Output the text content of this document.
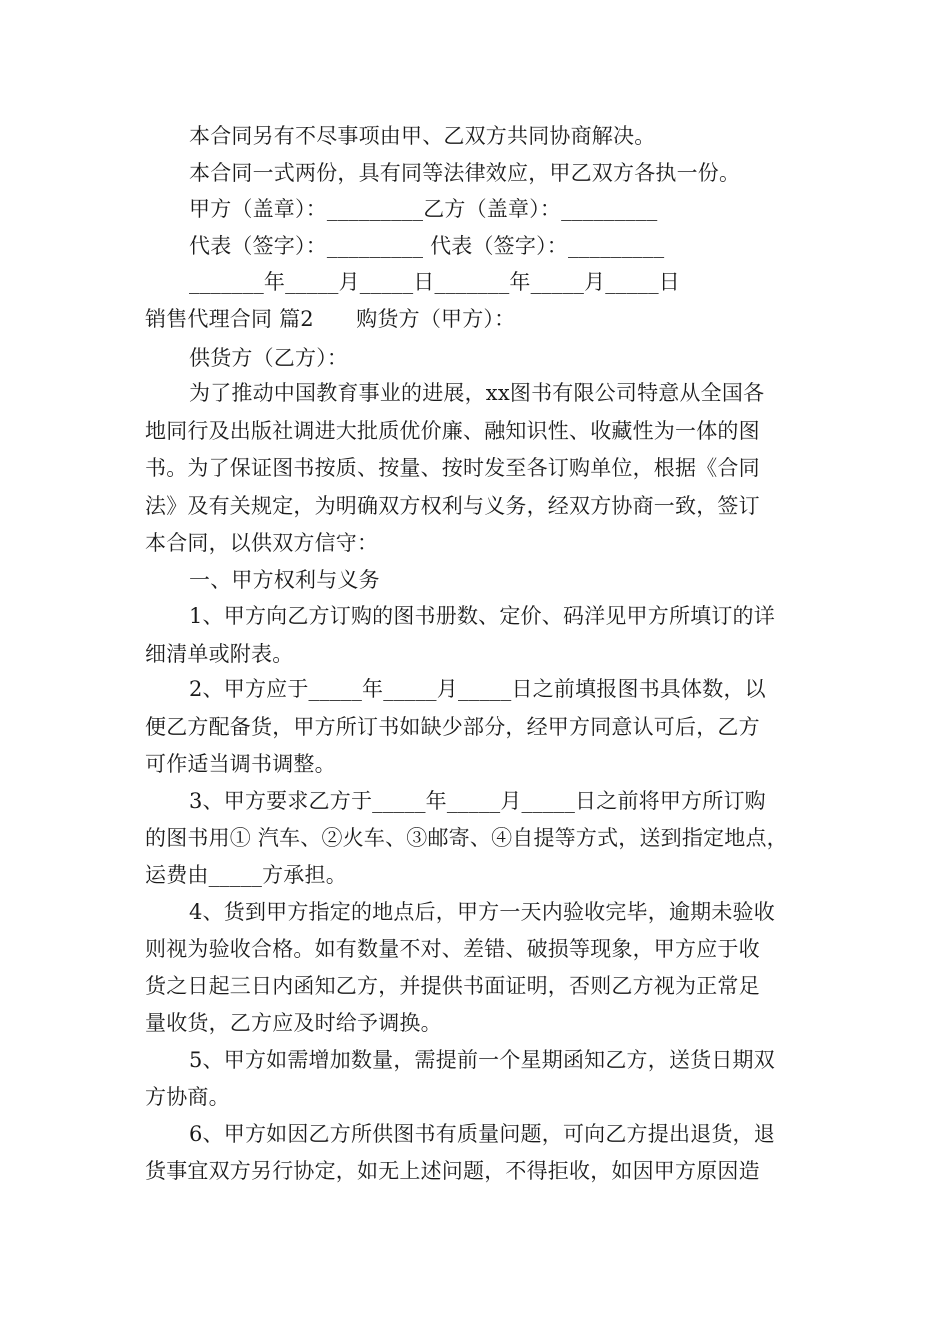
本合同另有不尽事项由甲、乙双方共同协商解决。
本合同一式两份，具有同等法律效应，甲乙双方各执一份。
甲方（盖章）：_________乙方（盖章）：_________
代表（签字）：_________ 代表（签字）：_________
_______年_____月_____日_______年_____月_____日
销售代理合同 篇2　　购货方（甲方）：
供货方（乙方）：
为了推动中国教育事业的进展，xx图书有限公司特意从全国各
地同行及出版社调进大批质优价廉、融知识性、收藏性为一体的图
书。为了保证图书按质、按量、按时发至各订购单位，根据《合同
法》及有关规定，为明确双方权利与义务，经双方协商一致，签订
本合同，以供双方信守：
一、甲方权利与义务
1、甲方向乙方订购的图书册数、定价、码洋见甲方所填订的详
细清单或附表。
2、甲方应于_____年_____月_____日之前填报图书具体数，以
便乙方配备货，甲方所订书如缺少部分，经甲方同意认可后，乙方
可作适当调书调整。
3、甲方要求乙方于_____年_____月_____日之前将甲方所订购
的图书用① 汽车、②火车、③邮寄、④自提等方式，送到指定地点，
运费由_____方承担。
4、货到甲方指定的地点后，甲方一天内验收完毕，逾期未验收
则视为验收合格。如有数量不对、差错、破损等现象，甲方应于收
货之日起三日内函知乙方，并提供书面证明，否则乙方视为正常足
量收货，乙方应及时给予调换。
5、甲方如需增加数量，需提前一个星期函知乙方，送货日期双
方协商。
6、甲方如因乙方所供图书有质量问题，可向乙方提出退货，退
货事宜双方另行协定，如无上述问题，不得拒收，如因甲方原因造
